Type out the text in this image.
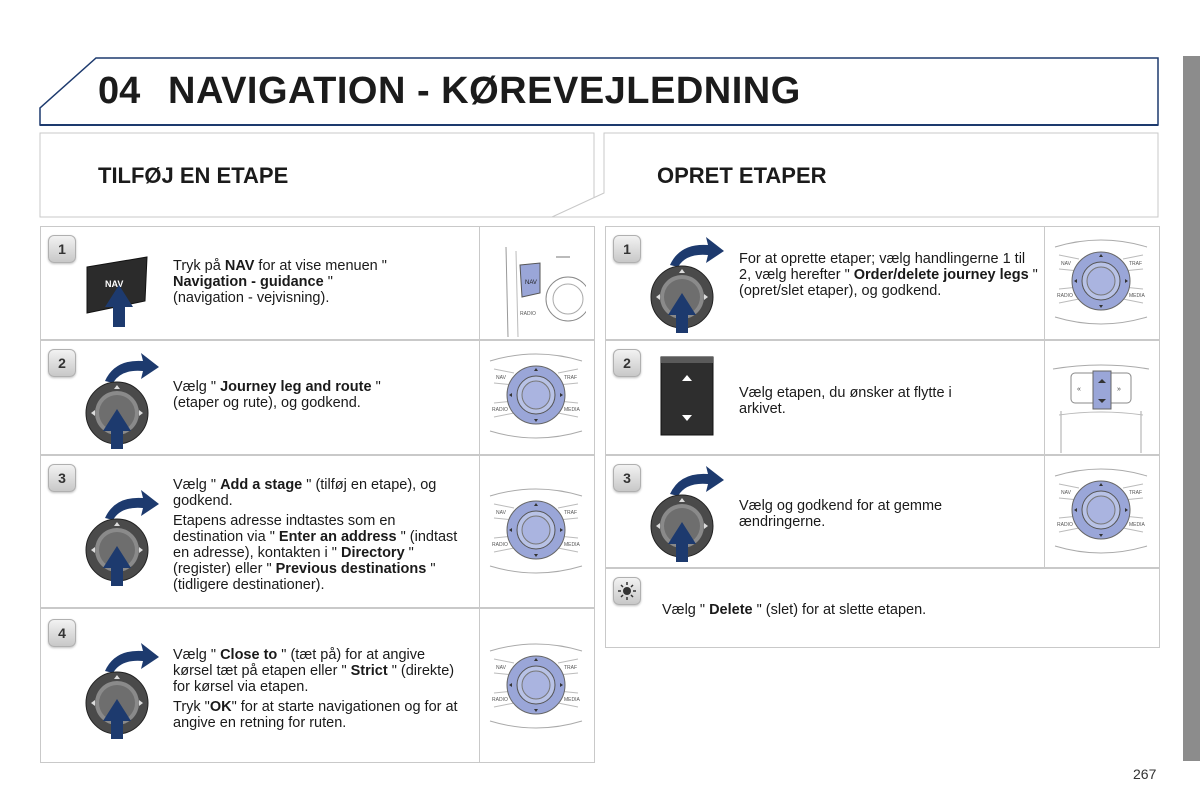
04 NAVIGATION - KØREVEJLEDNING
TILFØJ EN ETAPE	OPRET ETAPER
1
NAV

Tryk på NAV for at vise menuen " Navigation - guidance " (navigation - vejvisning).

NAV
RADIO
2

Vælg " Journey leg and route " (etaper og rute), og godkend.

3	Vælg " Add a stage " (tilføj en etape), og godkend.

Etapens adresse indtastes som en destination via " Enter an address " (indtast en adresse), kontakten i " Directory " (register) eller " Previous destinations " (tidligere destinationer).

4

Vælg " Close to " (tæt på) for at angive kørsel tæt på etapen eller " Strict " (direkte) for kørsel via etapen.

Tryk "OK" for at starte navigationen og for at angive en retning for ruten.

1

For at oprette etaper; vælg handlingerne 1 til 2, vælg herefter " Order/delete journey legs " (opret/slet etaper), og godkend.

2

Vælg etapen, du ønsker at flytte i arkivet.

«	»
3

Vælg og godkend for at gemme ændringerne.

Vælg " Delete " (slet) for at slette etapen.

267
